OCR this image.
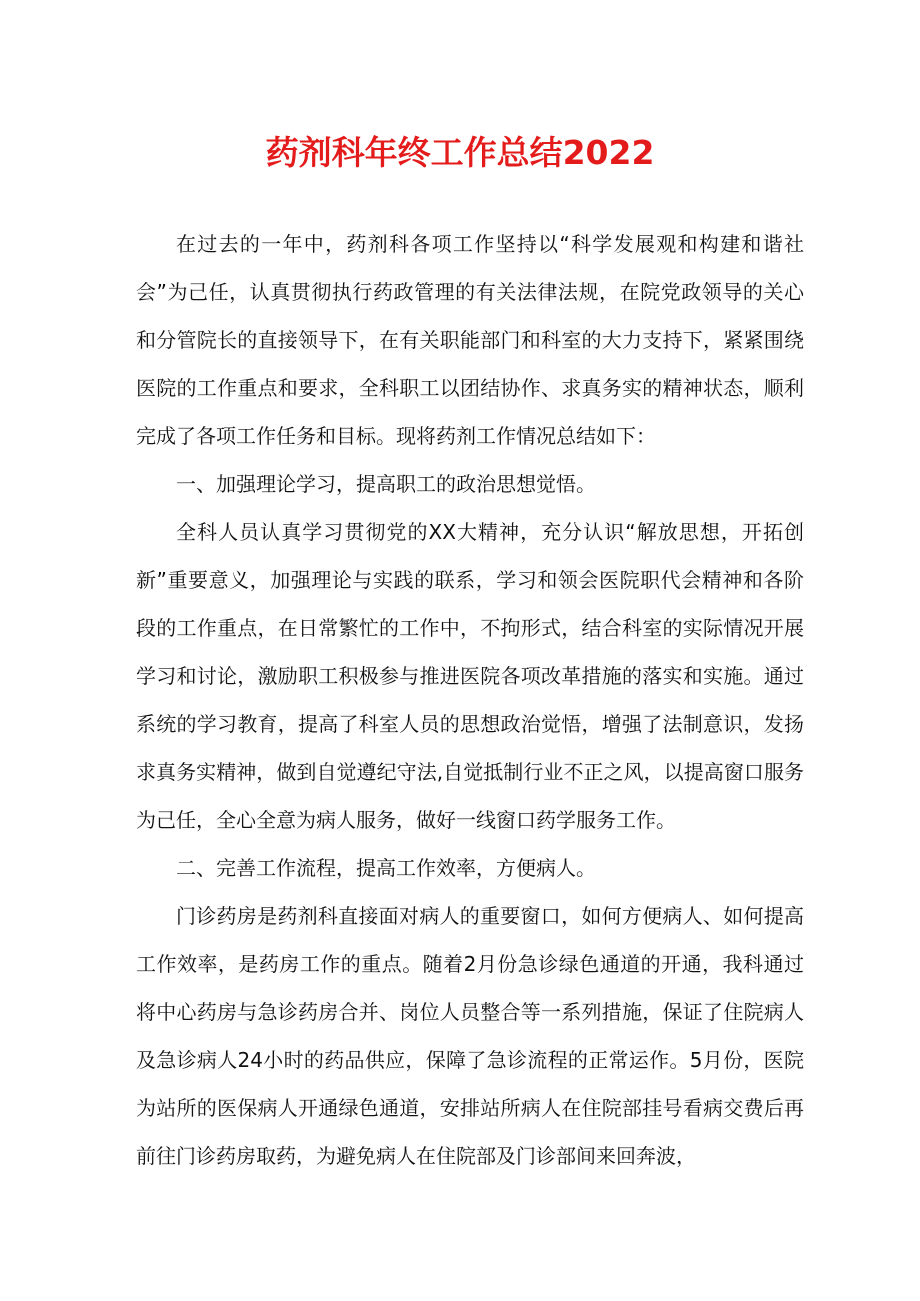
药剂科年终工作总结2022

在过去的一年中，药剂科各项工作坚持以“科学发展观和构建和谐社会”为己任，认真贯彻执行药政管理的有关法律法规，在院党政领导的关心和分管院长的直接领导下，在有关职能部门和科室的大力支持下，紧紧围绕医院的工作重点和要求，全科职工以团结协作、求真务实的精神状态，顺利完成了各项工作任务和目标。现将药剂工作情况总结如下：

一、加强理论学习，提高职工的政治思想觉悟。

全科人员认真学习贯彻党的XX大精神，充分认识“解放思想，开拓创新”重要意义，加强理论与实践的联系，学习和领会医院职代会精神和各阶段的工作重点，在日常繁忙的工作中，不拘形式，结合科室的实际情况开展学习和讨论，激励职工积极参与推进医院各项改革措施的落实和实施。通过系统的学习教育，提高了科室人员的思想政治觉悟，增强了法制意识，发扬求真务实精神，做到自觉遵纪守法,自觉抵制行业不正之风，以提高窗口服务为己任，全心全意为病人服务，做好一线窗口药学服务工作。

二、完善工作流程，提高工作效率，方便病人。

门诊药房是药剂科直接面对病人的重要窗口，如何方便病人、如何提高工作效率，是药房工作的重点。随着2月份急诊绿色通道的开通，我科通过将中心药房与急诊药房合并、岗位人员整合等一系列措施，保证了住院病人及急诊病人24小时的药品供应，保障了急诊流程的正常运作。5月份，医院为站所的医保病人开通绿色通道，安排站所病人在住院部挂号看病交费后再前往门诊药房取药，为避免病人在住院部及门诊部间来回奔波，
